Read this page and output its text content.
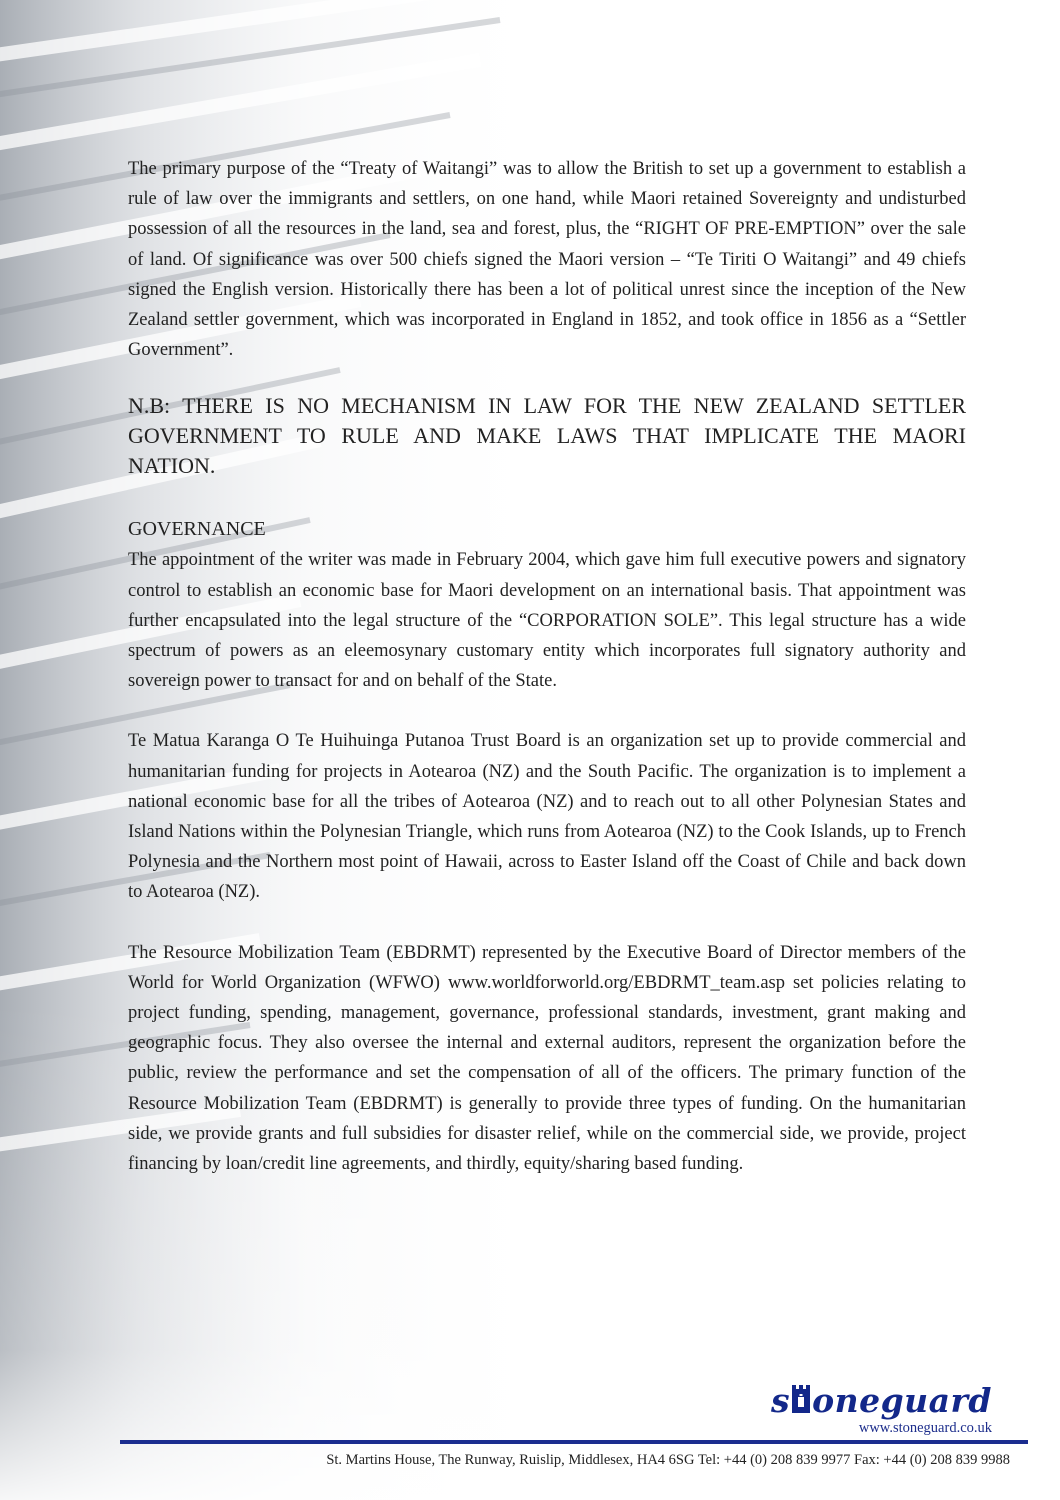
The primary purpose of the “Treaty of Waitangi” was to allow the British to set up a government to establish a rule of law over the immigrants and settlers, on one hand, while Maori retained Sovereignty and undisturbed possession of all the resources in the land, sea and forest, plus, the “RIGHT OF PRE-EMPTION” over the sale of land. Of significance was over 500 chiefs signed the Maori version – “Te Tiriti O Waitangi” and 49 chiefs signed the English version. Historically there has been a lot of political unrest since the inception of the New Zealand settler government, which was incorporated in England in 1852, and took office in 1856 as a “Settler Government”.

N.B: THERE IS NO MECHANISM IN LAW FOR THE NEW ZEALAND SETTLER GOVERNMENT TO RULE AND MAKE LAWS THAT IMPLICATE THE MAORI NATION.

GOVERNANCE

The appointment of the writer was made in February 2004, which gave him full executive powers and signatory control to establish an economic base for Maori development on an international basis. That appointment was further encapsulated into the legal structure of the “CORPORATION SOLE”. This legal structure has a wide spectrum of powers as an eleemosynary customary entity which incorporates full signatory authority and sovereign power to transact for and on behalf of the State.

Te Matua Karanga O Te Huihuinga Putanoa Trust Board is an organization set up to provide commercial and humanitarian funding for projects in Aotearoa (NZ) and the South Pacific. The organization is to implement a national economic base for all the tribes of Aotearoa (NZ) and to reach out to all other Polynesian States and Island Nations within the Polynesian Triangle, which runs from Aotearoa (NZ) to the Cook Islands, up to French Polynesia and the Northern most point of Hawaii, across to Easter Island off the Coast of Chile and back down to Aotearoa (NZ).

The Resource Mobilization Team (EBDRMT) represented by the Executive Board of Director members of the World for World Organization (WFWO) www.worldforworld.org/EBDRMT_team.asp set policies relating to project funding, spending, management, governance, professional standards, investment, grant making and geographic focus. They also oversee the internal and external auditors, represent the organization before the public, review the performance and set the compensation of all of the officers. The primary function of the Resource Mobilization Team (EBDRMT) is generally to provide three types of funding. On the humanitarian side, we provide grants and full subsidies for disaster relief, while on the commercial side, we provide, project financing by loan/credit line agreements, and thirdly, equity/sharing based funding.

s oneguard
www.stoneguard.co.uk
St. Martins House, The Runway, Ruislip, Middlesex, HA4 6SG Tel: +44 (0) 208 839 9977 Fax: +44 (0) 208 839 9988
